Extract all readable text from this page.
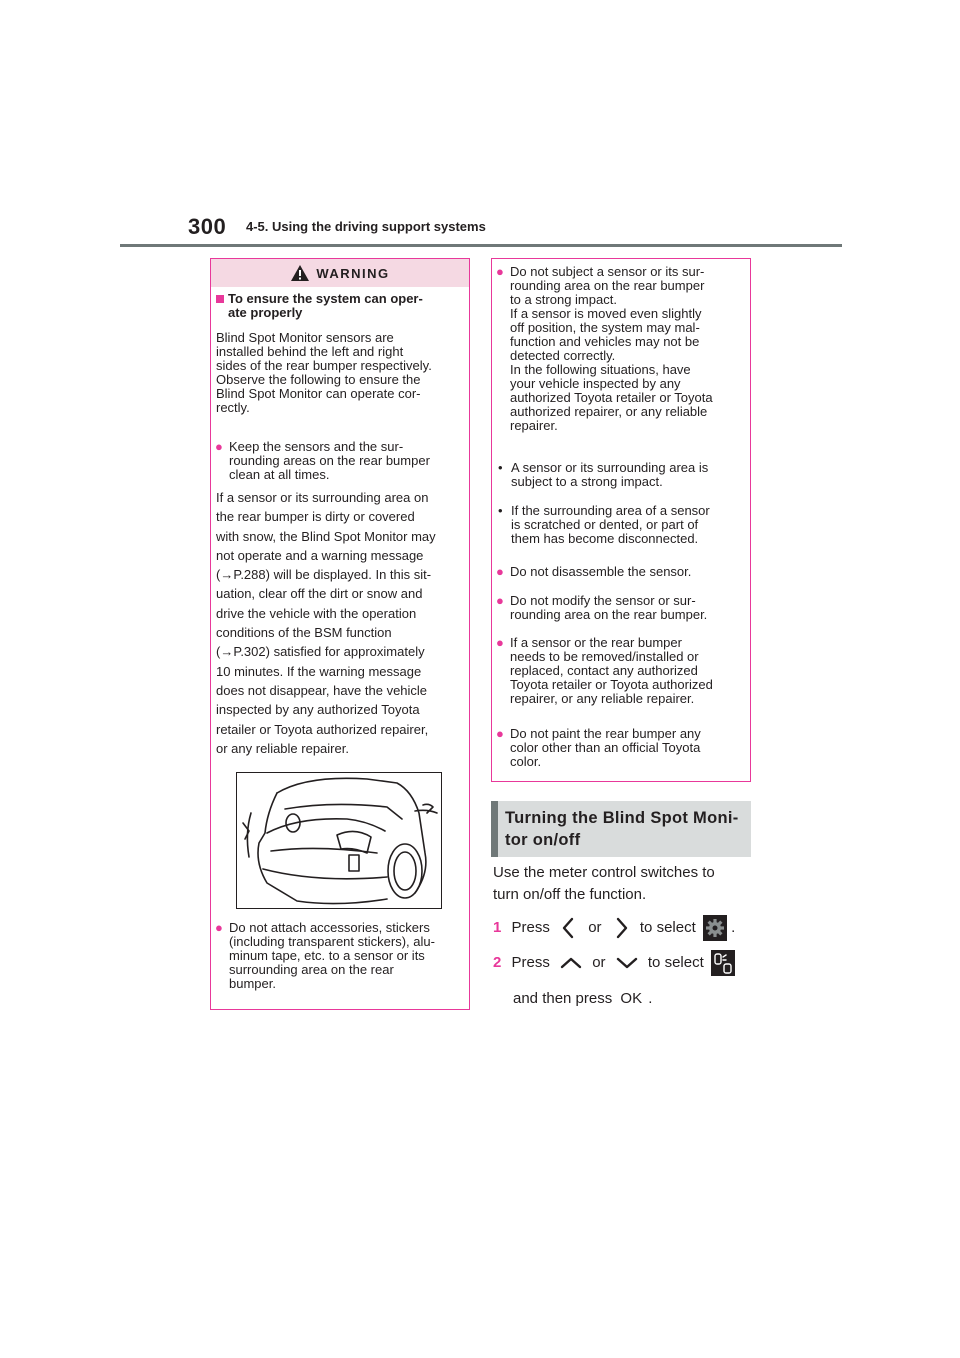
300 4-5. Using the driving support systems
WARNING
To ensure the system can oper-
ate properly
Blind Spot Monitor sensors are
installed behind the left and right
sides of the rear bumper respectively.
Observe the following to ensure the
Blind Spot Monitor can operate cor-
rectly.
● Keep the sensors and the sur-
rounding areas on the rear bumper
clean at all times.
If a sensor or its surrounding area on
the rear bumper is dirty or covered
with snow, the Blind Spot Monitor may
not operate and a warning message
(→P.288) will be displayed. In this sit-
uation, clear off the dirt or snow and
drive the vehicle with the operation
conditions of the BSM function
(→P.302) satisfied for approximately
10 minutes. If the warning message
does not disappear, have the vehicle
inspected by any authorized Toyota
retailer or Toyota authorized repairer,
or any reliable repairer.
● Do not attach accessories, stickers
(including transparent stickers), alu-
minum tape, etc. to a sensor or its
surrounding area on the rear
bumper.
● Do not subject a sensor or its sur-
rounding area on the rear bumper
to a strong impact.
If a sensor is moved even slightly
off position, the system may mal-
function and vehicles may not be
detected correctly.
In the following situations, have
your vehicle inspected by any
authorized Toyota retailer or Toyota
authorized repairer, or any reliable
repairer.
• A sensor or its surrounding area is
subject to a strong impact.
• If the surrounding area of a sensor
is scratched or dented, or part of
them has become disconnected.
● Do not disassemble the sensor.
● Do not modify the sensor or sur-
rounding area on the rear bumper.
● If a sensor or the rear bumper
needs to be removed/installed or
replaced, contact any authorized
Toyota retailer or Toyota authorized
repairer, or any reliable repairer.
● Do not paint the rear bumper any
color other than an official Toyota
color.
Turning the Blind Spot Moni-
tor on/off
Use the meter control switches to
turn on/off the function.
1 Press	or	to select .
2 Press	or	to select
and then press OK .
